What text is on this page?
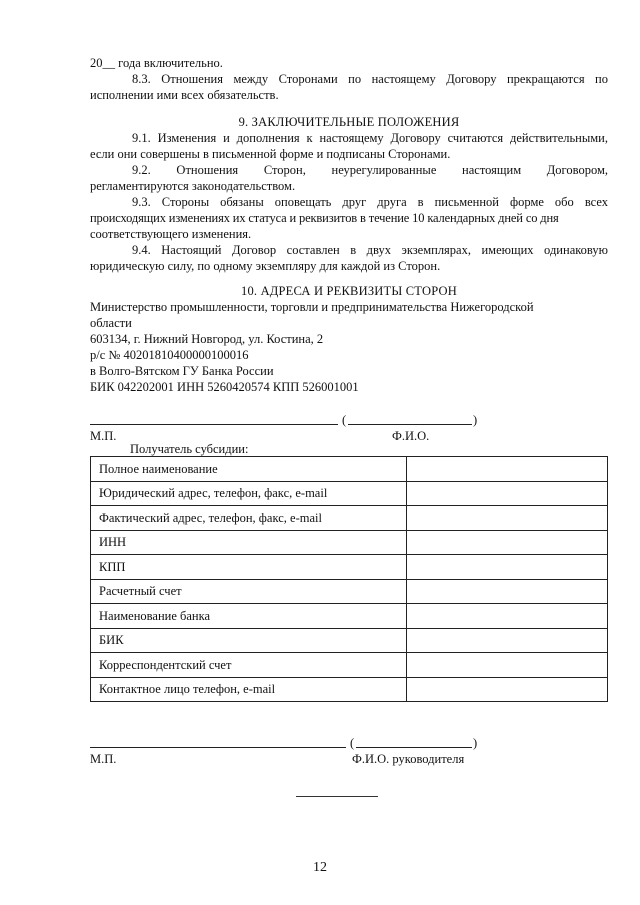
20__ года включительно.
8.3. Отношения между Сторонами по настоящему Договору прекращаются по
исполнении ими всех обязательств.
9. ЗАКЛЮЧИТЕЛЬНЫЕ ПОЛОЖЕНИЯ
9.1. Изменения и дополнения к настоящему Договору считаются действительными,
если они совершены в письменной форме и подписаны Сторонами.
9.2. Отношения Сторон, неурегулированные настоящим Договором,
регламентируются законодательством.
9.3. Стороны обязаны оповещать друг друга в письменной форме обо всех
происходящих изменениях их статуса и реквизитов в течение 10 календарных дней со дня
соответствующего изменения.
9.4. Настоящий Договор составлен в двух экземплярах, имеющих одинаковую
юридическую силу, по одному экземпляру для каждой из Сторон.
10. АДРЕСА И РЕКВИЗИТЫ СТОРОН
Министерство промышленности, торговли и предпринимательства Нижегородской
области
603134, г. Нижний Новгород, ул. Костина, 2
р/с № 40201810400000100016
в Волго-Вятском ГУ Банка России
БИК 042202001 ИНН 5260420574 КПП 526001001
(	)
М.П.	Ф.И.О.
Получатель субсидии:
Полное наименование	
Юридический адрес, телефон, факс, e-mail	
Фактический адрес, телефон, факс, e-mail	
ИНН	
КПП	
Расчетный счет	
Наименование банка	
БИК	
Корреспондентский счет	
Контактное лицо телефон, e-mail	
(	)
М.П.	Ф.И.О. руководителя
12
